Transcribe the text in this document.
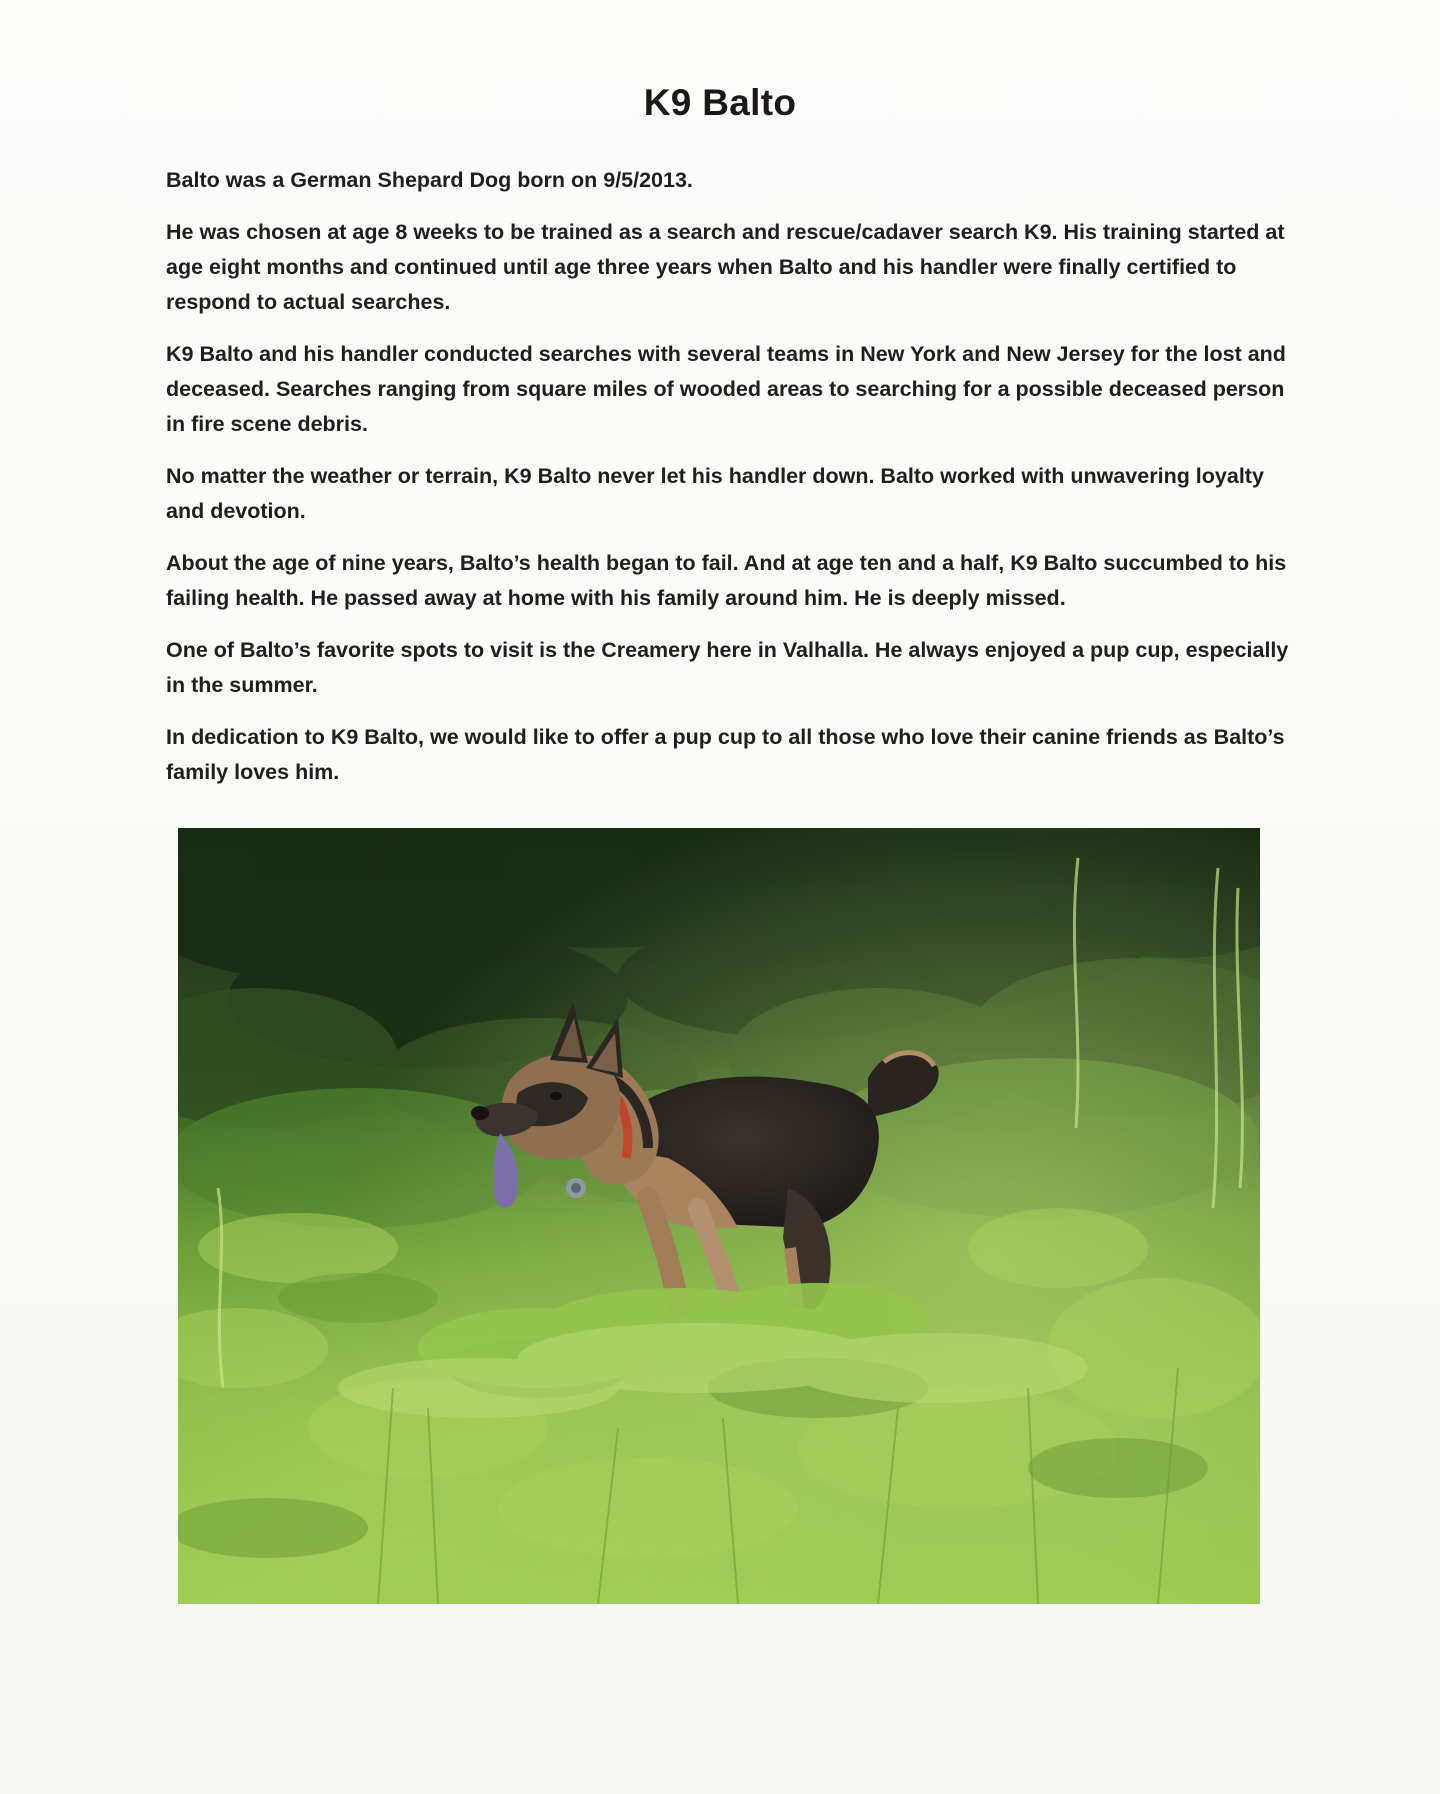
K9 Balto

Balto was a German Shepard Dog born on 9/5/2013.

He was chosen at age 8 weeks to be trained as a search and rescue/cadaver search K9. His training started at age eight months and continued until age three years when Balto and his handler were finally certified to respond to actual searches.

K9 Balto and his handler conducted searches with several teams in New York and New Jersey for the lost and deceased. Searches ranging from square miles of wooded areas to searching for a possible deceased person in fire scene debris.

No matter the weather or terrain, K9 Balto never let his handler down. Balto worked with unwavering loyalty and devotion.

About the age of nine years, Balto’s health began to fail. And at age ten and a half, K9 Balto succumbed to his failing health. He passed away at home with his family around him. He is deeply missed.

One of Balto’s favorite spots to visit is the Creamery here in Valhalla. He always enjoyed a pup cup, especially in the summer.

In dedication to K9 Balto, we would like to offer a pup cup to all those who love their canine friends as Balto’s family loves him.
